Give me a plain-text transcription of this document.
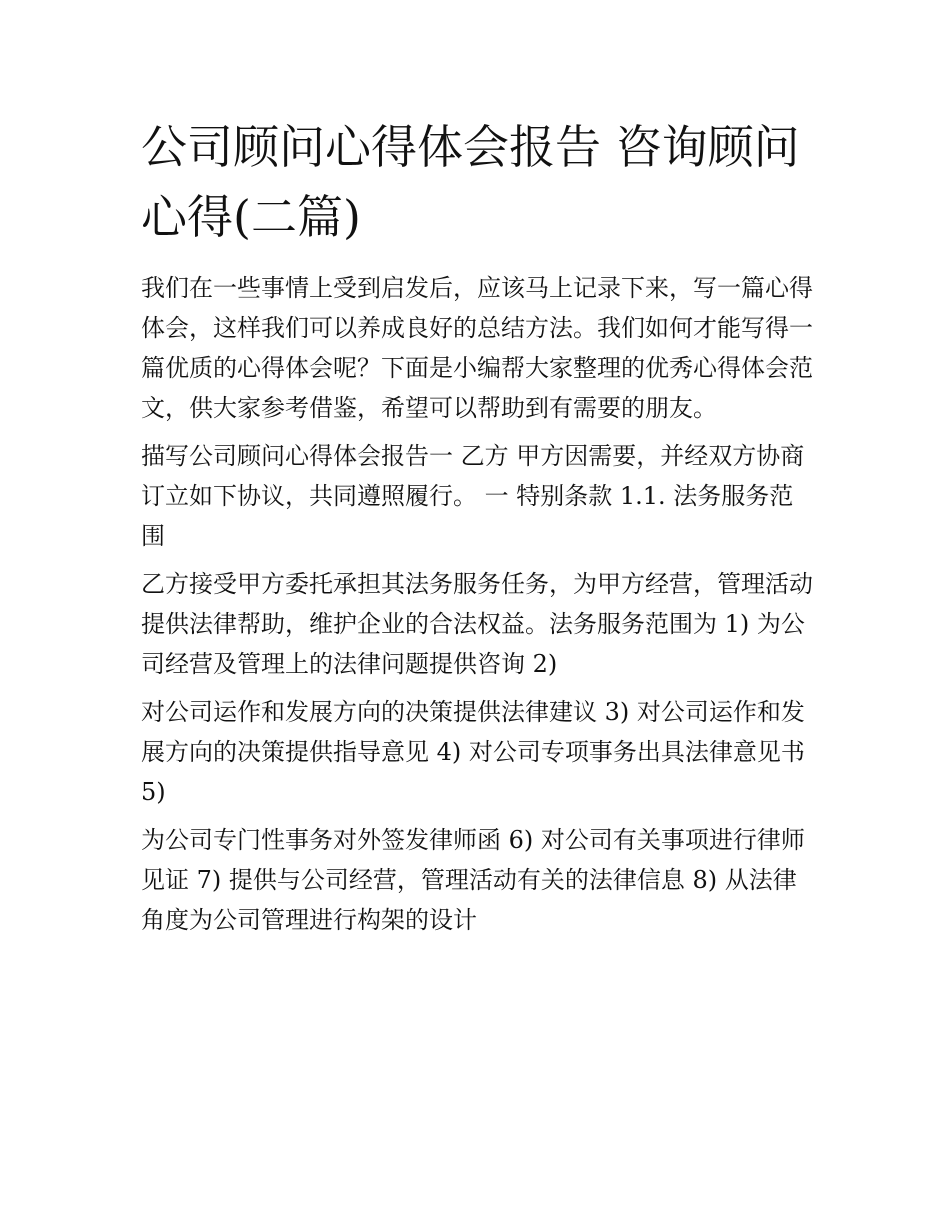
公司顾问心得体会报告 咨询顾问心得(二篇)

我们在一些事情上受到启发后，应该马上记录下来，写一篇心得体会，这样我们可以养成良好的总结方法。我们如何才能写得一篇优质的心得体会呢？下面是小编帮大家整理的优秀心得体会范文，供大家参考借鉴，希望可以帮助到有需要的朋友。

描写公司顾问心得体会报告一 乙方 甲方因需要，并经双方协商订立如下协议，共同遵照履行。 一 特别条款 1.1. 法务服务范围

乙方接受甲方委托承担其法务服务任务，为甲方经营，管理活动提供法律帮助，维护企业的合法权益。法务服务范围为 1) 为公司经营及管理上的法律问题提供咨询 2)

对公司运作和发展方向的决策提供法律建议 3) 对公司运作和发展方向的决策提供指导意见 4) 对公司专项事务出具法律意见书 5)

为公司专门性事务对外签发律师函 6) 对公司有关事项进行律师见证 7) 提供与公司经营，管理活动有关的法律信息 8) 从法律角度为公司管理进行构架的设计
